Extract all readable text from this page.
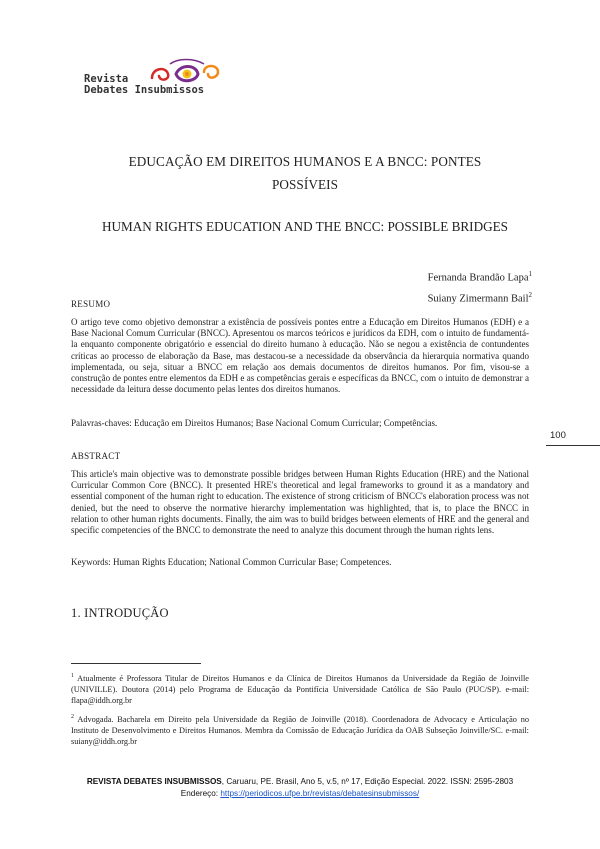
Revista
Debates Insubmissos
EDUCAÇÃO EM DIREITOS HUMANOS E A BNCC: PONTES
POSSÍVEIS
HUMAN RIGHTS EDUCATION AND THE BNCC: POSSIBLE BRIDGES
Fernanda Brandão Lapa$^1$
Suiany Zimermann Bail$^2$
RESUMO
O artigo teve como objetivo demonstrar a existência de possíveis pontes entre a Educação em Direitos Humanos (EDH) e a Base Nacional Comum Curricular (BNCC). Apresentou os marcos teóricos e jurídicos da EDH, com o intuito de fundamentá-la enquanto componente obrigatório e essencial do direito humano à educação. Não se negou a existência de contundentes críticas ao processo de elaboração da Base, mas destacou-se a necessidade da observância da hierarquia normativa quando implementada, ou seja, situar a BNCC em relação aos demais documentos de direitos humanos. Por fim, visou-se a construção de pontes entre elementos da EDH e as competências gerais e específicas da BNCC, com o intuito de demonstrar a necessidade da leitura desse documento pelas lentes dos direitos humanos.
Palavras-chaves: Educação em Direitos Humanos; Base Nacional Comum Curricular; Competências.
100
ABSTRACT
This article's main objective was to demonstrate possible bridges between Human Rights Education (HRE) and the National Curricular Common Core (BNCC). It presented HRE's theoretical and legal frameworks to ground it as a mandatory and essential component of the human right to education. The existence of strong criticism of BNCC's elaboration process was not denied, but the need to observe the normative hierarchy implementation was highlighted, that is, to place the BNCC in relation to other human rights documents. Finally, the aim was to build bridges between elements of HRE and the general and specific competencies of the BNCC to demonstrate the need to analyze this document through the human rights lens.
Keywords: Human Rights Education; National Common Curricular Base; Competences.
1. INTRODUÇÃO
$^1$ Atualmente é Professora Titular de Direitos Humanos e da Clínica de Direitos Humanos da Universidade da Região de Joinville (UNIVILLE). Doutora (2014) pelo Programa de Educação da Pontifícia Universidade Católica de São Paulo (PUC/SP). e-mail: flapa@iddh.org.br
$^2$ Advogada. Bacharela em Direito pela Universidade da Região de Joinville (2018). Coordenadora de Advocacy e Articulação no Instituto de Desenvolvimento e Direitos Humanos. Membra da Comissão de Educação Jurídica da OAB Subseção Joinville/SC. e-mail: suiany@iddh.org.br
REVISTA DEBATES INSUBMISSOS, Caruaru, PE. Brasil, Ano 5, v.5, nº 17, Edição Especial. 2022. ISSN: 2595-2803
Endereço: https://periodicos.ufpe.br/revistas/debatesinsubmissos/
